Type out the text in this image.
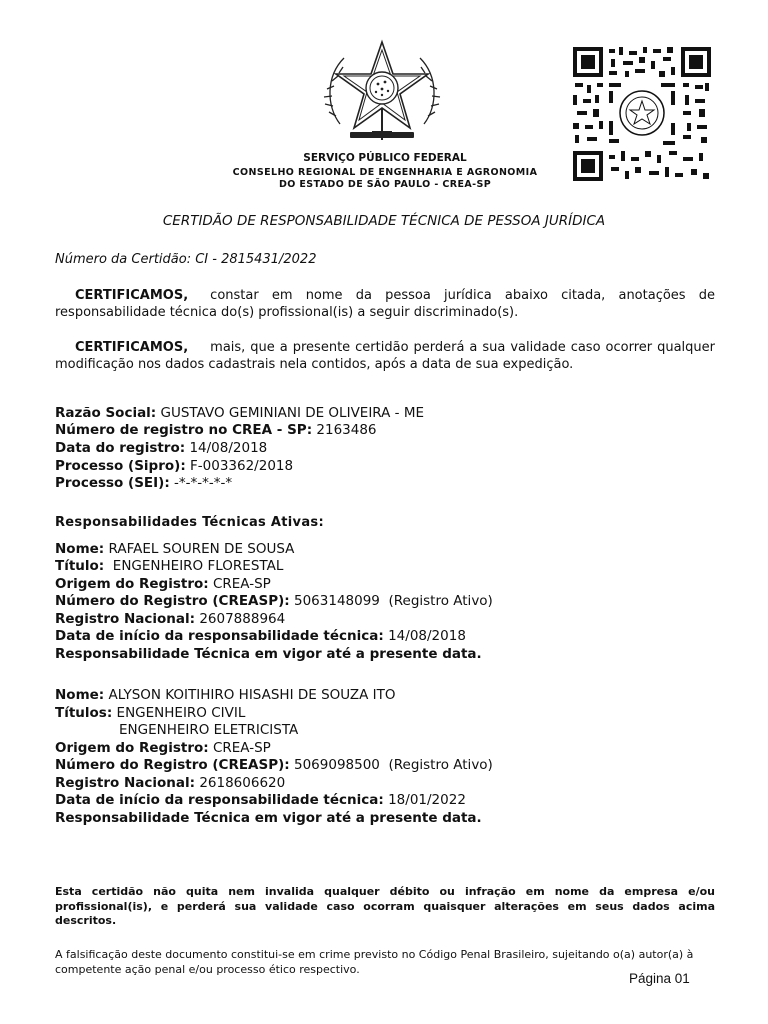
SERVIÇO PÚBLICO FEDERAL
CONSELHO REGIONAL DE ENGENHARIA E AGRONOMIA
DO ESTADO DE SÃO PAULO - CREA-SP
CERTIDÃO DE RESPONSABILIDADE TÉCNICA DE PESSOA JURÍDICA
Número da Certidão: CI - 2815431/2022
CERTIFICAMOS, constar em nome da pessoa jurídica abaixo citada, anotações de responsabilidade técnica do(s) profissional(is) a seguir discriminado(s).
CERTIFICAMOS, mais, que a presente certidão perderá a sua validade caso ocorrer qualquer modificação nos dados cadastrais nela contidos, após a data de sua expedição.
Razão Social: GUSTAVO GEMINIANI DE OLIVEIRA - ME
Número de registro no CREA - SP: 2163486
Data do registro: 14/08/2018
Processo (Sipro): F-003362/2018
Processo (SEI): -*-*-*-*-*
Responsabilidades Técnicas Ativas:
Nome: RAFAEL SOUREN DE SOUSA
Título: ENGENHEIRO FLORESTAL
Origem do Registro: CREA-SP
Número do Registro (CREASP): 5063148099  (Registro Ativo)
Registro Nacional: 2607888964
Data de início da responsabilidade técnica: 14/08/2018
Responsabilidade Técnica em vigor até a presente data.
Nome: ALYSON KOITIHIRO HISASHI DE SOUZA ITO
Títulos: ENGENHEIRO CIVIL
ENGENHEIRO ELETRICISTA
Origem do Registro: CREA-SP
Número do Registro (CREASP): 5069098500  (Registro Ativo)
Registro Nacional: 2618606620
Data de início da responsabilidade técnica: 18/01/2022
Responsabilidade Técnica em vigor até a presente data.
Esta certidão não quita nem invalida qualquer débito ou infração em nome da empresa e/ou profissional(is), e perderá sua validade caso ocorram quaisquer alterações em seus dados acima descritos.
A falsificação deste documento constitui-se em crime previsto no Código Penal Brasileiro, sujeitando o(a) autor(a) à competente ação penal e/ou processo ético respectivo.
Página 01
